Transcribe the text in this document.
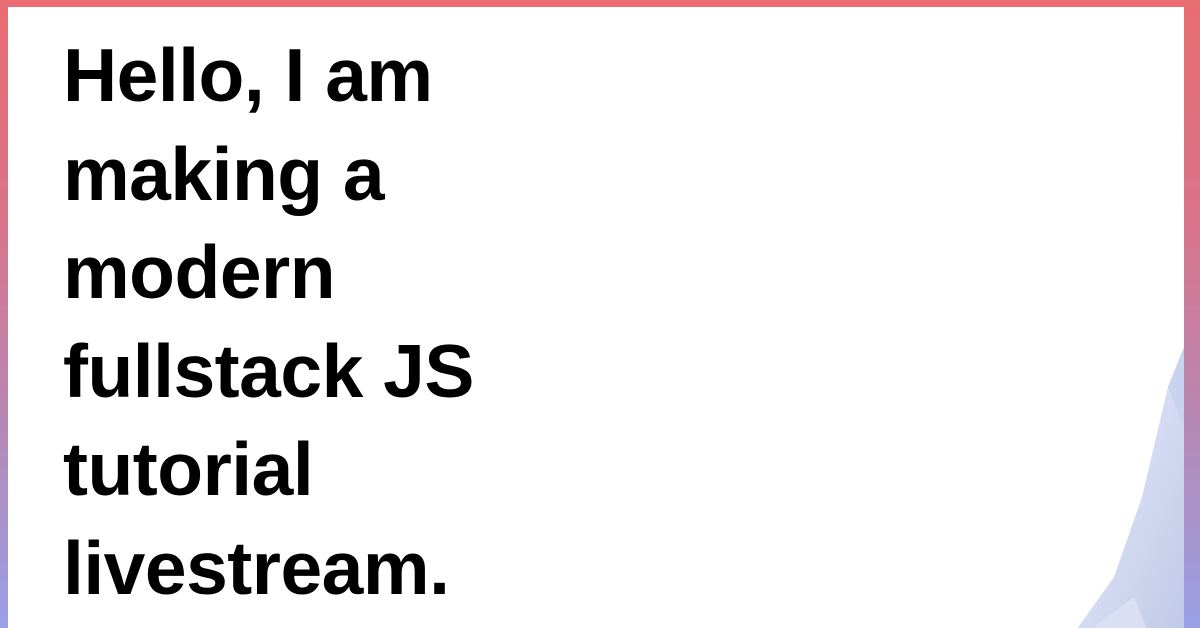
Hello, I am
making a
modern
fullstack JS
tutorial
livestream.
